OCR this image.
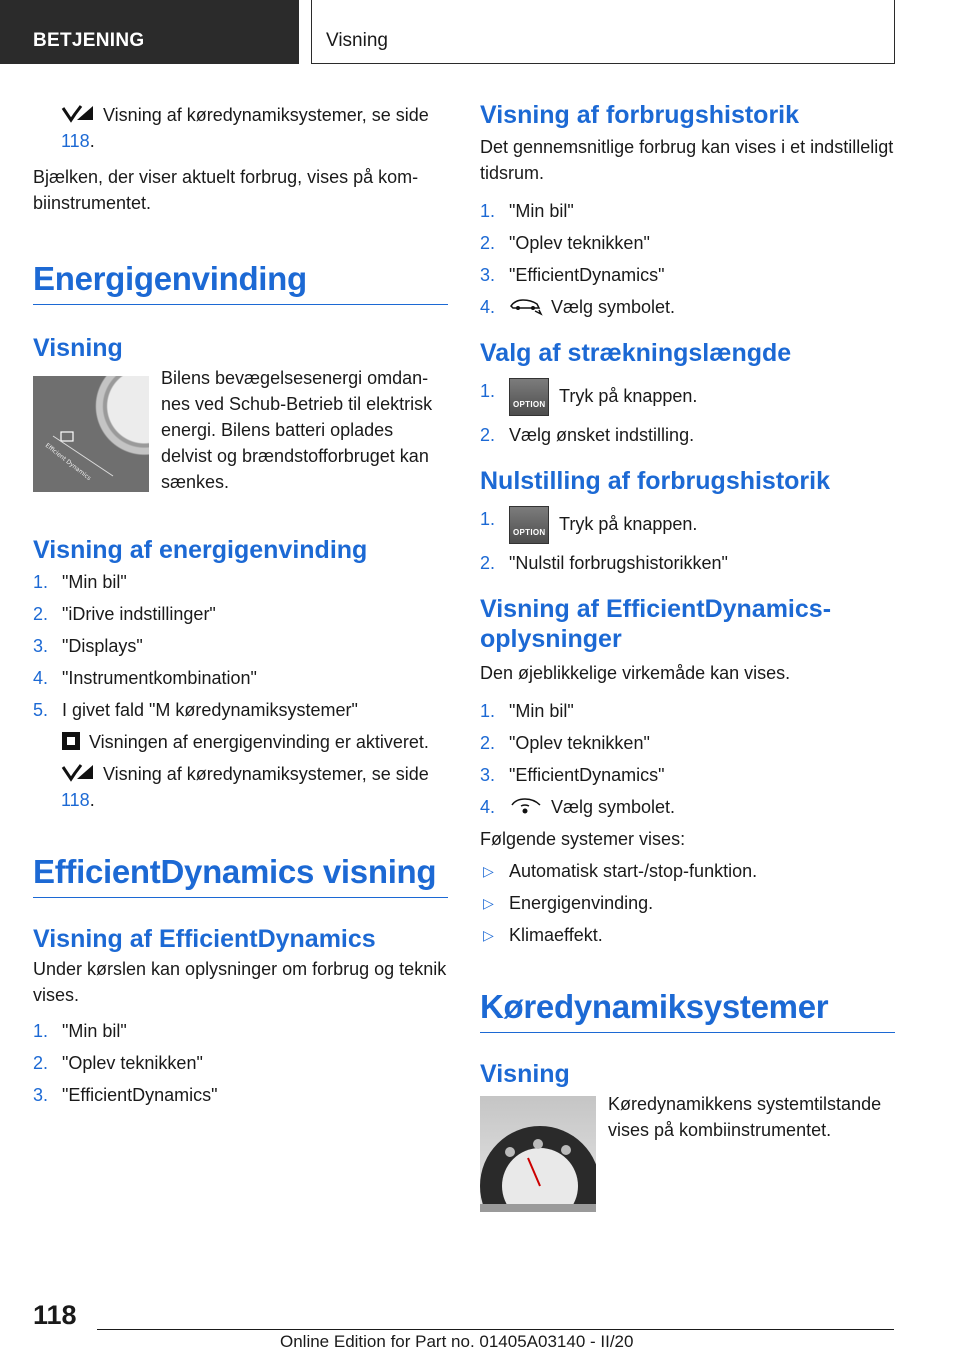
BETJENING	Visning

Visning af køredynamiksystemer, se side 118.

Bjælken, der viser aktuelt forbrug, vises på kombiinstrumentet.

Energigenvinding
Visning
Efficient Dynamics

Bilens bevægelsesenergi omdannes ved Schub-Betrieb til elektrisk energi. Bilens batteri oplades delvist og brændstofforbruget kan sænkes.

Visning af energigenvinding
1. "Min bil"
2. "iDrive indstillinger"
3. "Displays"
4. "Instrumentkombination"
5. I givet fald "M køredynamiksystemer"

Visningen af energigenvinding er aktiveret.

Visning af køredynamiksystemer, se side 118.

EfficientDynamics visning
Visning af EfficientDynamics

Under kørslen kan oplysninger om forbrug og teknik vises.

1. "Min bil"
2. "Oplev teknikken"
3. "EfficientDynamics"
Visning af forbrugshistorik

Det gennemsnitlige forbrug kan vises i et indstilleligt tidsrum.

1. "Min bil"
2. "Oplev teknikken"
3. "EfficientDynamics"
4.	Vælg symbolet.
Valg af strækningslængde
1.
OPTION Tryk på knappen.
2. Vælg ønsket indstilling.
Nulstilling af forbrugshistorik
1.
OPTION Tryk på knappen.
2. "Nulstil forbrugshistorikken"
Visning af EfficientDynamics-oplysninger

Den øjeblikkelige virkemåde kan vises.

1. "Min bil"
2. "Oplev teknikken"
3. "EfficientDynamics"
4.	Vælg symbolet.

Følgende systemer vises:

▷ Automatisk start-/stop-funktion.
▷ Energigenvinding.
▷ Klimaeffekt.
Køredynamiksystemer
Visning

Køredynamikkens systemtilstande vises på kombiinstrumentet.

118
Online Edition for Part no. 01405A03140 - II/20
